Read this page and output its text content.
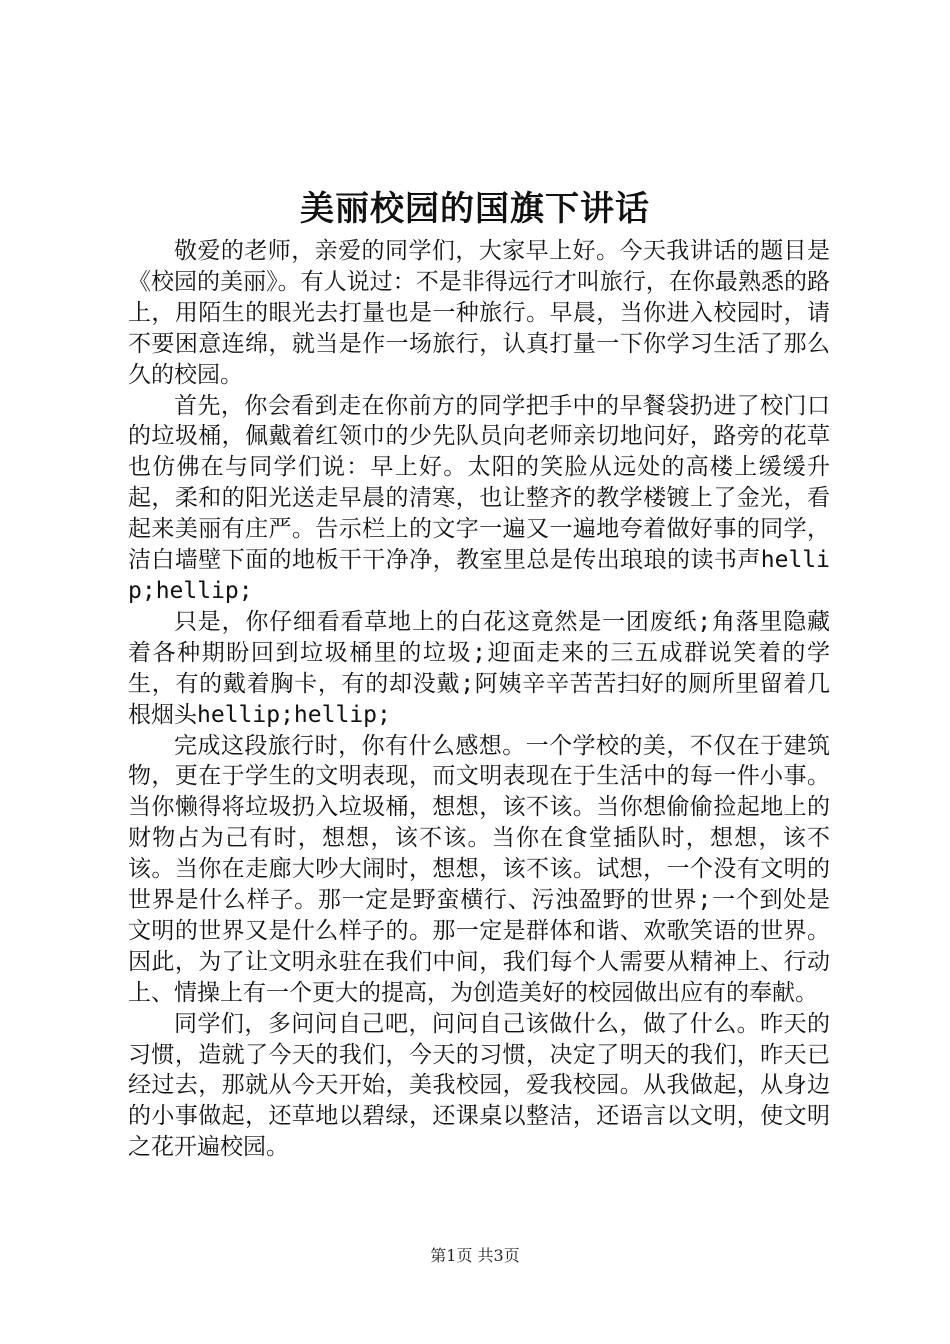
美丽校园的国旗下讲话

敬爱的老师，亲爱的同学们，大家早上好。今天我讲话的题目是《校园的美丽》。有人说过：不是非得远行才叫旅行，在你最熟悉的路上，用陌生的眼光去打量也是一种旅行。早晨，当你进入校园时，请不要困意连绵，就当是作一场旅行，认真打量一下你学习生活了那么久的校园。

首先，你会看到走在你前方的同学把手中的早餐袋扔进了校门口的垃圾桶，佩戴着红领巾的少先队员向老师亲切地问好，路旁的花草也仿佛在与同学们说：早上好。太阳的笑脸从远处的高楼上缓缓升起，柔和的阳光送走早晨的清寒，也让整齐的教学楼镀上了金光，看起来美丽有庄严。告示栏上的文字一遍又一遍地夸着做好事的同学，洁白墙壁下面的地板干干净净，教室里总是传出琅琅的读书声hellip;hellip;

只是，你仔细看看草地上的白花这竟然是一团废纸;角落里隐藏着各种期盼回到垃圾桶里的垃圾;迎面走来的三五成群说笑着的学生，有的戴着胸卡，有的却没戴;阿姨辛辛苦苦扫好的厕所里留着几根烟头hellip;hellip;

完成这段旅行时，你有什么感想。一个学校的美，不仅在于建筑物，更在于学生的文明表现，而文明表现在于生活中的每一件小事。当你懒得将垃圾扔入垃圾桶，想想，该不该。当你想偷偷捡起地上的财物占为己有时，想想，该不该。当你在食堂插队时，想想，该不该。当你在走廊大吵大闹时，想想，该不该。试想，一个没有文明的世界是什么样子。那一定是野蛮横行、污浊盈野的世界;一个到处是文明的世界又是什么样子的。那一定是群体和谐、欢歌笑语的世界。因此，为了让文明永驻在我们中间，我们每个人需要从精神上、行动上、情操上有一个更大的提高，为创造美好的校园做出应有的奉献。

同学们，多问问自己吧，问问自己该做什么，做了什么。昨天的习惯，造就了今天的我们，今天的习惯，决定了明天的我们，昨天已经过去，那就从今天开始，美我校园，爱我校园。从我做起，从身边的小事做起，还草地以碧绿，还课桌以整洁，还语言以文明，使文明之花开遍校园。

第1页 共3页
